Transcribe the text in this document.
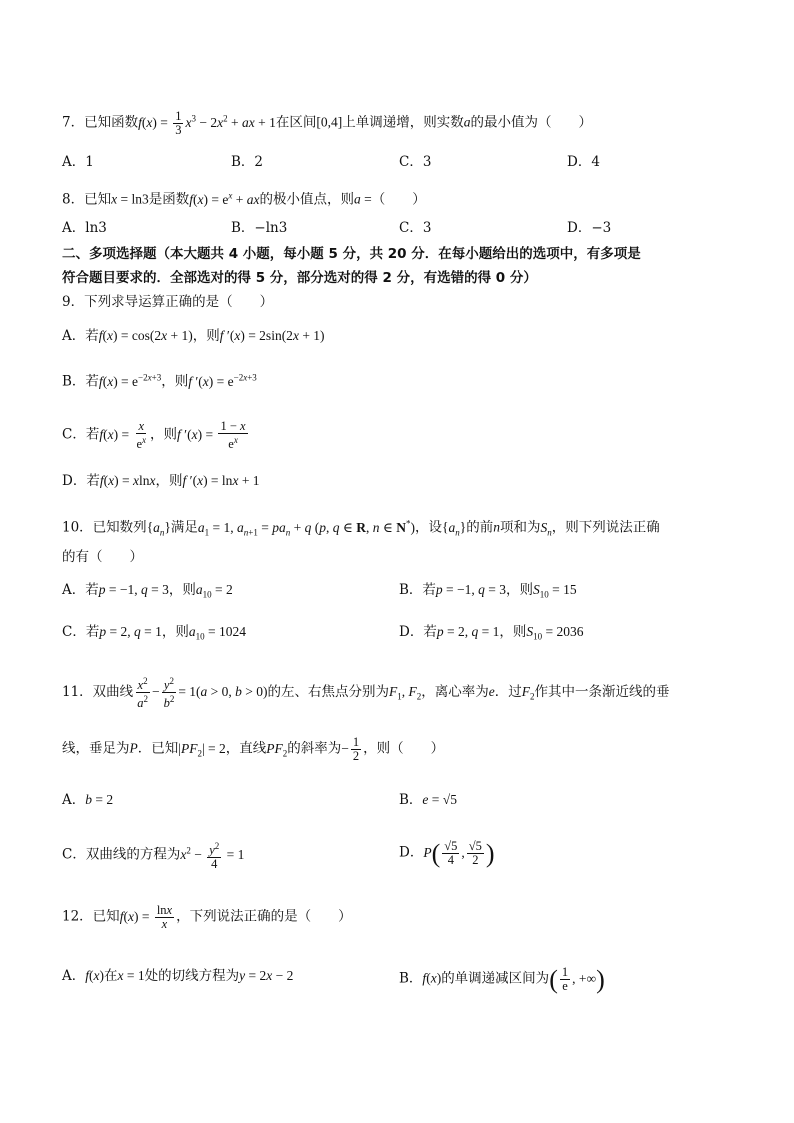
7．已知函数$f(x) = \frac{1}{3} x^3 - 2x^2$ + ax + 1在区间[0,4]上单调递增，则实数a的最小值为（　　）
A．1	B．2	C．3	D．4
8．已知x = ln3是函数$f(x) = e^x$ + ax的极小值点，则a =（　　）
A．ln3	B．−ln3	C．3	D．−3
二、多项选择题（本大题共 4 小题，每小题 5 分，共 20 分．在每小题给出的选项中，有多项是
符合题目要求的．全部选对的得 5 分，部分选对的得 2 分，有选错的得 0 分）
9．下列求导运算正确的是（　　）
A．若f(x) = cos(2x + 1)，则f ′(x) = 2sin(2x + 1)
B．若$f(x) = e^{-2x+3}$，则f $'(x) = e^{-2x+3}$
C．若$f(x) = \frac{x}{e^x}$ ，则f $'(x) = \frac{1 - x}{e^x}$
D．若f(x) = xlnx，则f ′(x) = lnx + 1
10．已知数列$\{a_n\}$满足$a_1 = 1$, $a_{n+1} = pa_n + q$ (p, q ∈ R, n ∈ N*)，设$\{a_n\}$的前n项和为$S_n$，则下列说法正确
的有（　　）
A．若p = −1, q = 3，则$a_{10} = 2$	B．若p = −1, q = 3，则$S_{10} = 15$
C．若p = 2, q = 1，则$a_{10} = 1024$	D．若p = 2, q = 1，则$S_{10} = 2036$
11．双曲线 $\frac{x^2}{a^2} - \frac{y^2}{b^2} = 1(a > 0$, b > 0)的左、右焦点分别为$F_1$, $F_2$，离心率为e．过$F_2$作其中一条渐近线的垂
线，垂足为P．已知$|PF_2| = 2$，直线$PF_2$的斜率为− $\frac{1}{2}$ ，则（　　）
A．b = 2	B．e = √5
C．双曲线的方程为$x^2 - \frac{y^2}{4} = 1$	D．$P( \frac{√5}{4}$ , $\frac{√5}{2}$ )
12．已知$f(x) = \frac{\ln x}{x}$ ，下列说法正确的是（　　）
A．f(x)在x = 1处的切线方程为y = 2x − 2	B．f(x)的单调递减区间为( $\frac{1}{e}$ , +∞)
